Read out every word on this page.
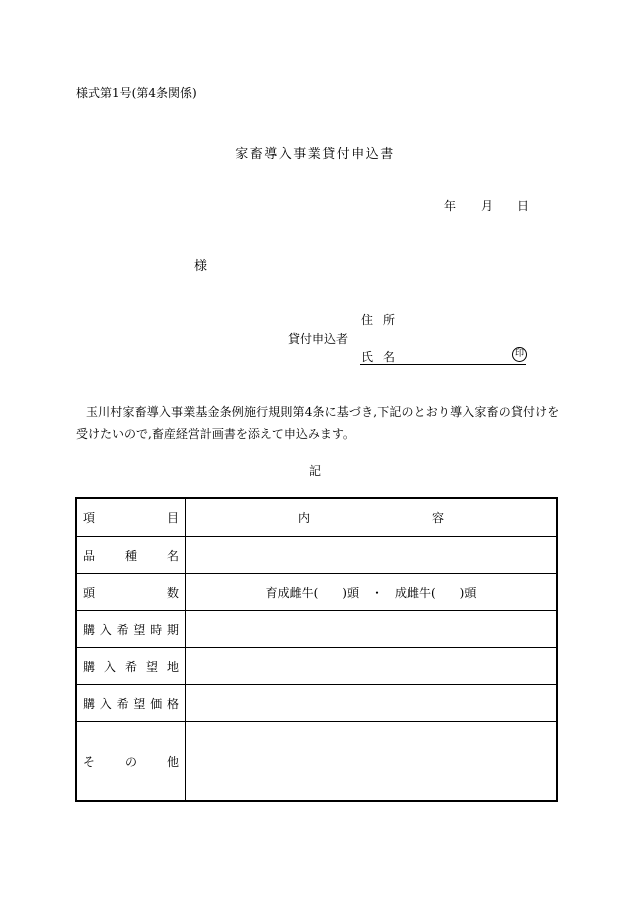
様式第1号(第4条関係)
家畜導入事業貸付申込書
年 月 日
様
貸付申込者
住所
氏名	印
玉川村家畜導入事業基金条例施行規則第4条に基づき,下記のとおり導入家畜の貸付けを
受けたいので,畜産経営計画書を添えて申込みます。
記
項	目	内	容
品 種 名
頭	数	育成雌牛(　　)頭　・　成雌牛(　　)頭
購 入 希 望 時 期
購 入 希 望 地
購 入 希 望 価 格
そ の 他
